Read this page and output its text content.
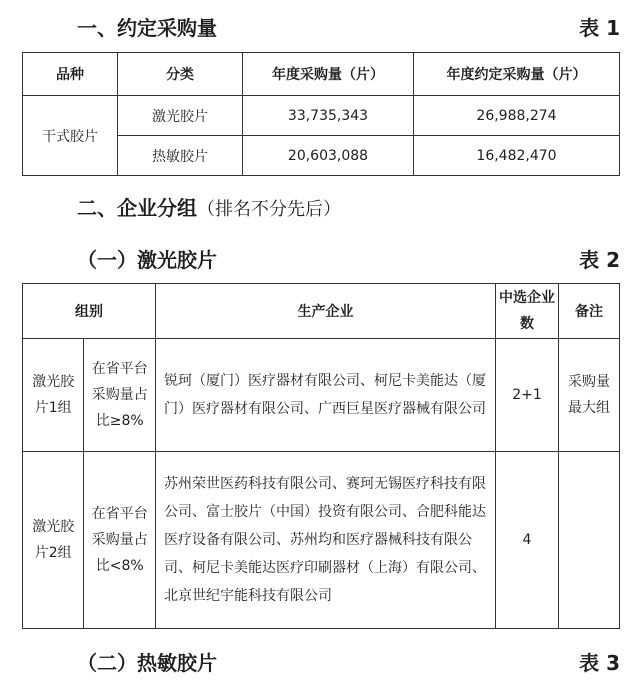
一、约定采购量	表 1
品种	分类	年度采购量（片）	年度约定采购量（片）
干式胶片	激光胶片	33,735,343	26,988,274
	热敏胶片	20,603,088	16,482,470
二、企业分组（排名不分先后）
（一）激光胶片	表 2
组别		生产企业	中选企业数	备注
激光胶片1组	在省平台采购量占比≥8%	锐珂（厦门）医疗器材有限公司、柯尼卡美能达（厦门）医疗器材有限公司、广西巨星医疗器械有限公司	2+1	采购量最大组
激光胶片2组	在省平台采购量占比<8%	苏州荣世医药科技有限公司、赛珂无锡医疗科技有限公司、富士胶片（中国）投资有限公司、合肥科能达医疗设备有限公司、苏州均和医疗器械科技有限公司、柯尼卡美能达医疗印刷器材（上海）有限公司、北京世纪宇能科技有限公司	4	
（二）热敏胶片	表 3
